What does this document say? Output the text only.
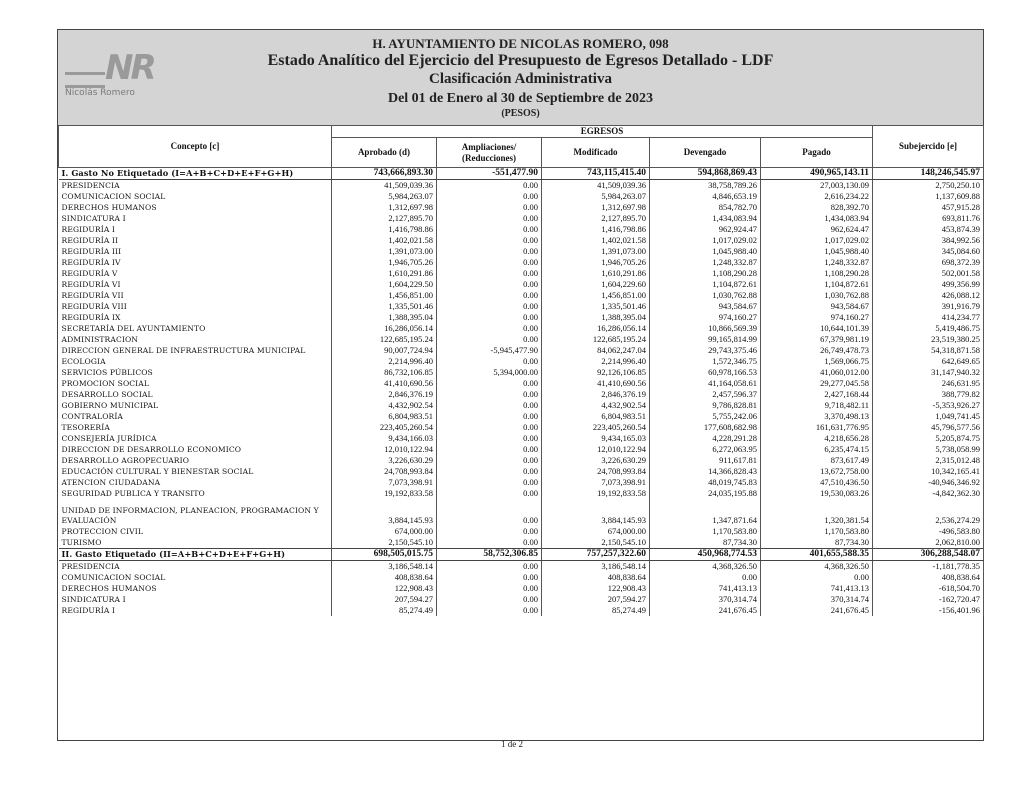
NR
Nicolás Romero
H. AYUNTAMIENTO DE NICOLAS ROMERO, 098
Estado Analítico del Ejercicio del Presupuesto de Egresos Detallado - LDF
Clasificación Administrativa
Del 01 de Enero al 30 de Septiembre de 2023
(PESOS)
Concepto [c]	EGRESOS					Subejercido [e]
	Aprobado (d)	Ampliaciones/ (Reducciones)	Modificado	Devengado	Pagado	
I. Gasto No Etiquetado (I=A+B+C+D+E+F+G+H)	743,666,893.30	-551,477.90	743,115,415.40	594,868,869.43	490,965,143.11	148,246,545.97
PRESIDENCIA	41,509,039.36	0.00	41,509,039.36	38,758,789.26	27,003,130.09	2,750,250.10
COMUNICACION SOCIAL	5,984,263.07	0.00	5,984,263.07	4,846,653.19	2,616,234.22	1,137,609.88
DERECHOS HUMANOS	1,312,697.98	0.00	1,312,697.98	854,782.70	828,392.70	457,915.28
SINDICATURA I	2,127,895.70	0.00	2,127,895.70	1,434,083.94	1,434,083.94	693,811.76
REGIDURÍA I	1,416,798.86	0.00	1,416,798.86	962,924.47	962,624.47	453,874.39
REGIDURÍA II	1,402,021.58	0.00	1,402,021.58	1,017,029.02	1,017,029.02	384,992.56
REGIDURÍA III	1,391,073.00	0.00	1,391,073.00	1,045,988.40	1,045,988.40	345,084.60
REGIDURÍA IV	1,946,705.26	0.00	1,946,705.26	1,248,332.87	1,248,332.87	698,372.39
REGIDURÍA V	1,610,291.86	0.00	1,610,291.86	1,108,290.28	1,108,290.28	502,001.58
REGIDURÍA VI	1,604,229.50	0.00	1,604,229.60	1,104,872.61	1,104,872.61	499,356.99
REGIDURÍA VII	1,456,851.00	0.00	1,456,851.00	1,030,762.88	1,030,762.88	426,088.12
REGIDURÍA VIII	1,335,501.46	0.00	1,335,501.46	943,584.67	943,584.67	391,916.79
REGIDURÍA IX	1,388,395.04	0.00	1,388,395.04	974,160.27	974,160.27	414,234.77
SECRETARÍA DEL AYUNTAMIENTO	16,286,056.14	0.00	16,286,056.14	10,866,569.39	10,644,101.39	5,419,486.75
ADMINISTRACION	122,685,195.24	0.00	122,685,195.24	99,165,814.99	67,379,981.19	23,519,380.25
DIRECCION GENERAL DE INFRAESTRUCTURA MUNICIPAL	90,007,724.94	-5,945,477.90	84,062,247.04	29,743,375.46	26,749,478.73	54,318,871.58
ECOLOGIA	2,214,996.40	0.00	2,214,996.40	1,572,346.75	1,569,066.75	642,649.65
SERVICIOS PÚBLICOS	86,732,106.85	5,394,000.00	92,126,106.85	60,978,166.53	41,060,012.00	31,147,940.32
PROMOCION SOCIAL	41,410,690.56	0.00	41,410,690.56	41,164,058.61	29,277,045.58	246,631.95
DESARROLLO SOCIAL	2,846,376.19	0.00	2,846,376.19	2,457,596.37	2,427,168.44	388,779.82
GOBIERNO MUNICIPAL	4,432,902.54	0.00	4,432,902.54	9,786,828.81	9,718,482.11	-5,353,926.27
CONTRALORÍA	6,804,983.51	0.00	6,804,983.51	5,755,242.06	3,370,498.13	1,049,741.45
TESORERÍA	223,405,260.54	0.00	223,405,260.54	177,608,682.98	161,631,776.95	45,796,577.56
CONSEJERÍA JURÍDICA	9,434,166.03	0.00	9,434,165.03	4,228,291.28	4,218,656.28	5,205,874.75
DIRECCION DE DESARROLLO ECONOMICO	12,010,122.94	0.00	12,010,122.94	6,272,063.95	6,235,474.15	5,738,058.99
DESARROLLO AGROPECUARIO	3,226,630.29	0.00	3,226,630.29	911,617.81	873,617.49	2,315,012.48
EDUCACIÓN CULTURAL Y BIENESTAR SOCIAL	24,708,993.84	0.00	24,708,993.84	14,366,828.43	13,672,758.00	10,342,165.41
ATENCION CIUDADANA	7,073,398.91	0.00	7,073,398.91	48,019,745.83	47,510,436.50	-40,946,346.92
SEGURIDAD PUBLICA Y TRANSITO	19,192,833.58	0.00	19,192,833.58	24,035,195.88	19,530,083.26	-4,842,362.30
UNIDAD DE INFORMACION, PLANEACION, PROGRAMACION Y EVALUACIÓN	3,884,145.93	0.00	3,884,145.93	1,347,871.64	1,320,381.54	2,536,274.29
PROTECCION CIVIL	674,000.00	0.00	674,000.00	1,170,583.80	1,170,583.80	-496,583.80
TURISMO	2,150,545.10	0.00	2,150,545.10	87,734.30	87,734.30	2,062,810.00
II. Gasto Etiquetado (II=A+B+C+D+E+F+G+H)	698,505,015.75	58,752,306.85	757,257,322.60	450,968,774.53	401,655,588.35	306,288,548.07
PRESIDENCIA	3,186,548.14	0.00	3,186,548.14	4,368,326.50	4,368,326.50	-1,181,778.35
COMUNICACION SOCIAL	408,838.64	0.00	408,838.64	0.00	0.00	408,838.64
DERECHOS HUMANOS	122,908.43	0.00	122,908.43	741,413.13	741,413.13	-618,504.70
SINDICATURA I	207,594.27	0.00	207,594.27	370,314.74	370,314.74	-162,720.47
REGIDURÍA I	85,274.49	0.00	85,274.49	241,676.45	241,676.45	-156,401.96
1 de 2
